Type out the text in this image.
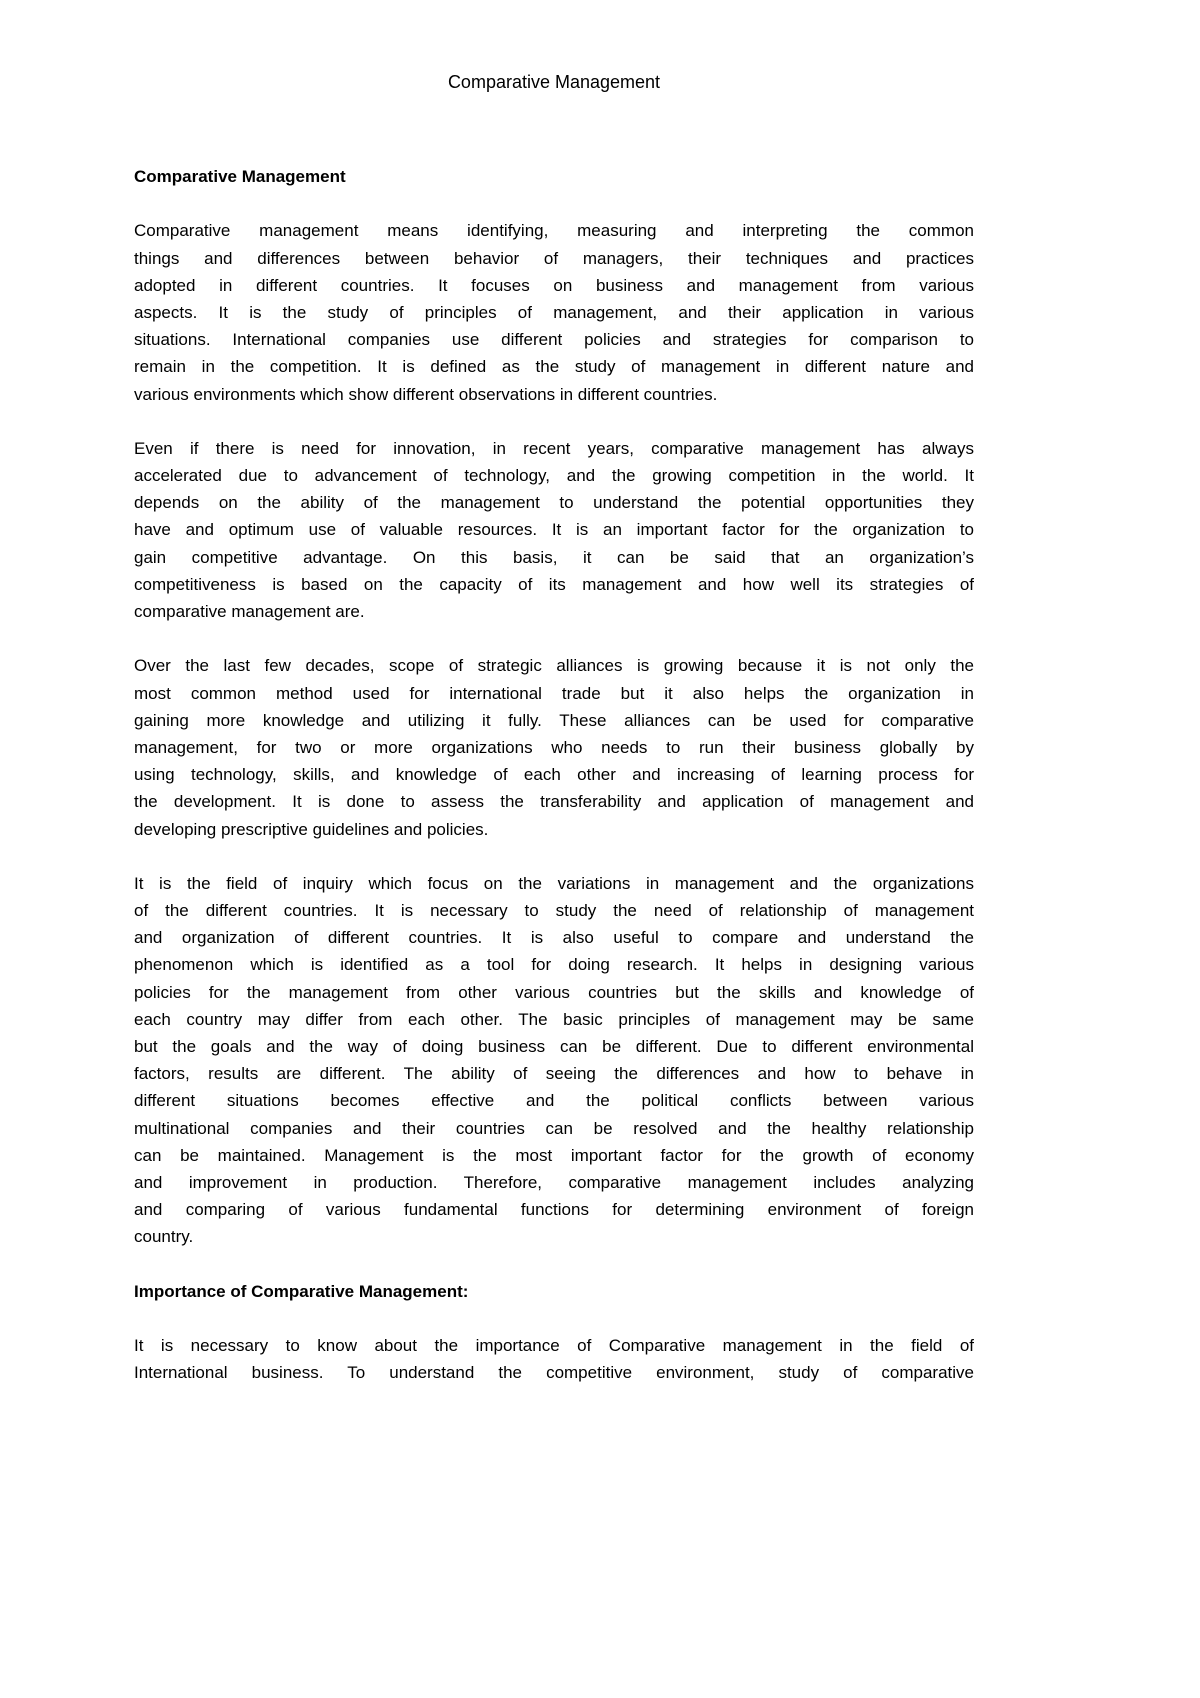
Comparative Management
Comparative Management
Comparative management means identifying, measuring and interpreting the common
things and differences between behavior of managers, their techniques and practices
adopted in different countries. It focuses on business and management from various
aspects. It is the study of principles of management, and their application in various
situations. International companies use different policies and strategies for comparison to
remain in the competition. It is defined as the study of management in different nature and
various environments which show different observations in different countries.
Even if there is need for innovation, in recent years, comparative management has always
accelerated due to advancement of technology, and the growing competition in the world. It
depends on the ability of the management to understand the potential opportunities they
have and optimum use of valuable resources. It is an important factor for the organization to
gain competitive advantage. On this basis, it can be said that an organization’s
competitiveness is based on the capacity of its management and how well its strategies of
comparative management are.
Over the last few decades, scope of strategic alliances is growing because it is not only the
most common method used for international trade but it also helps the organization in
gaining more knowledge and utilizing it fully. These alliances can be used for comparative
management, for two or more organizations who needs to run their business globally by
using technology, skills, and knowledge of each other and increasing of learning process for
the development. It is done to assess the transferability and application of management and
developing prescriptive guidelines and policies.
It is the field of inquiry which focus on the variations in management and the organizations
of the different countries. It is necessary to study the need of relationship of management
and organization of different countries. It is also useful to compare and understand the
phenomenon which is identified as a tool for doing research. It helps in designing various
policies for the management from other various countries but the skills and knowledge of
each country may differ from each other. The basic principles of management may be same
but the goals and the way of doing business can be different. Due to different environmental
factors, results are different. The ability of seeing the differences and how to behave in
different situations becomes effective and the political conflicts between various
multinational companies and their countries can be resolved and the healthy relationship
can be maintained. Management is the most important factor for the growth of economy
and improvement in production. Therefore, comparative management includes analyzing
and comparing of various fundamental functions for determining environment of foreign
country.
Importance of Comparative Management:
It is necessary to know about the importance of Comparative management in the field of
International business. To understand the competitive environment, study of comparative
